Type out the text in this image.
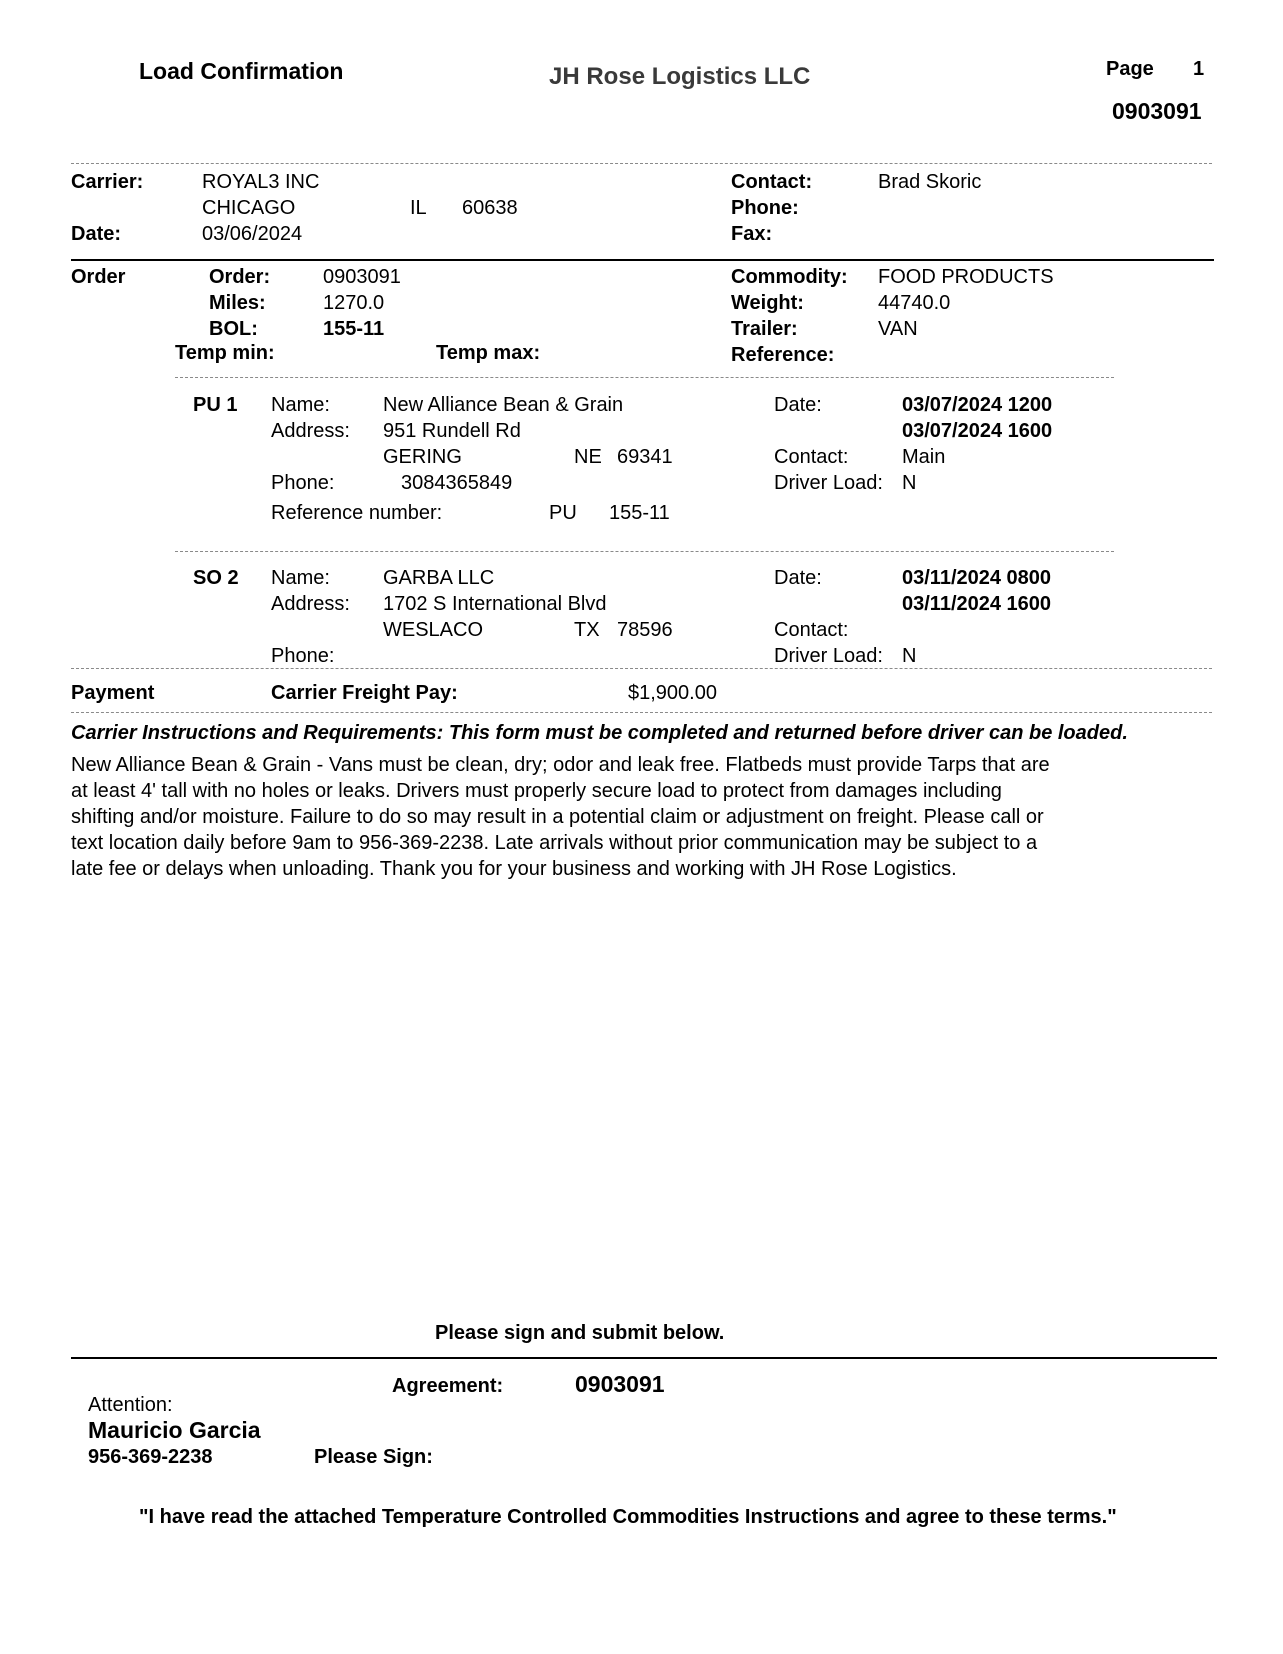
Load Confirmation	JH Rose Logistics LLC	Page 1
0903091
Carrier:	ROYAL3 INC
CHICAGO	IL 60638
Date:	03/06/2024
Contact:	Brad Skoric
Phone:
Fax:
Order	Order:	0903091
Miles:	1270.0
BOL:	155-11
Temp min:	Temp max:
Commodity: FOOD PRODUCTS
Weight:	44740.0
Trailer:	VAN
Reference:
PU 1 Name:	New Alliance Bean & Grain
Address: 951 Rundell Rd
GERING	NE 69341
Phone:	3084365849
Reference number:	PU 155-11
Date:	03/07/2024 1200
03/07/2024 1600
Contact:	Main
Driver Load: N
SO 2 Name:	GARBA LLC
Address: 1702 S International Blvd
WESLACO	TX 78596
Phone:
Date:	03/11/2024 0800
03/11/2024 1600
Contact:
Driver Load: N
Payment	Carrier Freight Pay:	$1,900.00
Carrier Instructions and Requirements: This form must be completed and returned before driver can be loaded.
New Alliance Bean & Grain - Vans must be clean, dry; odor and leak free. Flatbeds must provide Tarps that are
at least 4' tall with no holes or leaks. Drivers must properly secure load to protect from damages including
shifting and/or moisture. Failure to do so may result in a potential claim or adjustment on freight. Please call or
text location daily before 9am to 956-369-2238. Late arrivals without prior communication may be subject to a
late fee or delays when unloading. Thank you for your business and working with JH Rose Logistics.
Please sign and submit below.
Agreement:	0903091
Attention:
Mauricio Garcia
956-369-2238	Please Sign:
"I have read the attached Temperature Controlled Commodities Instructions and agree to these terms."
